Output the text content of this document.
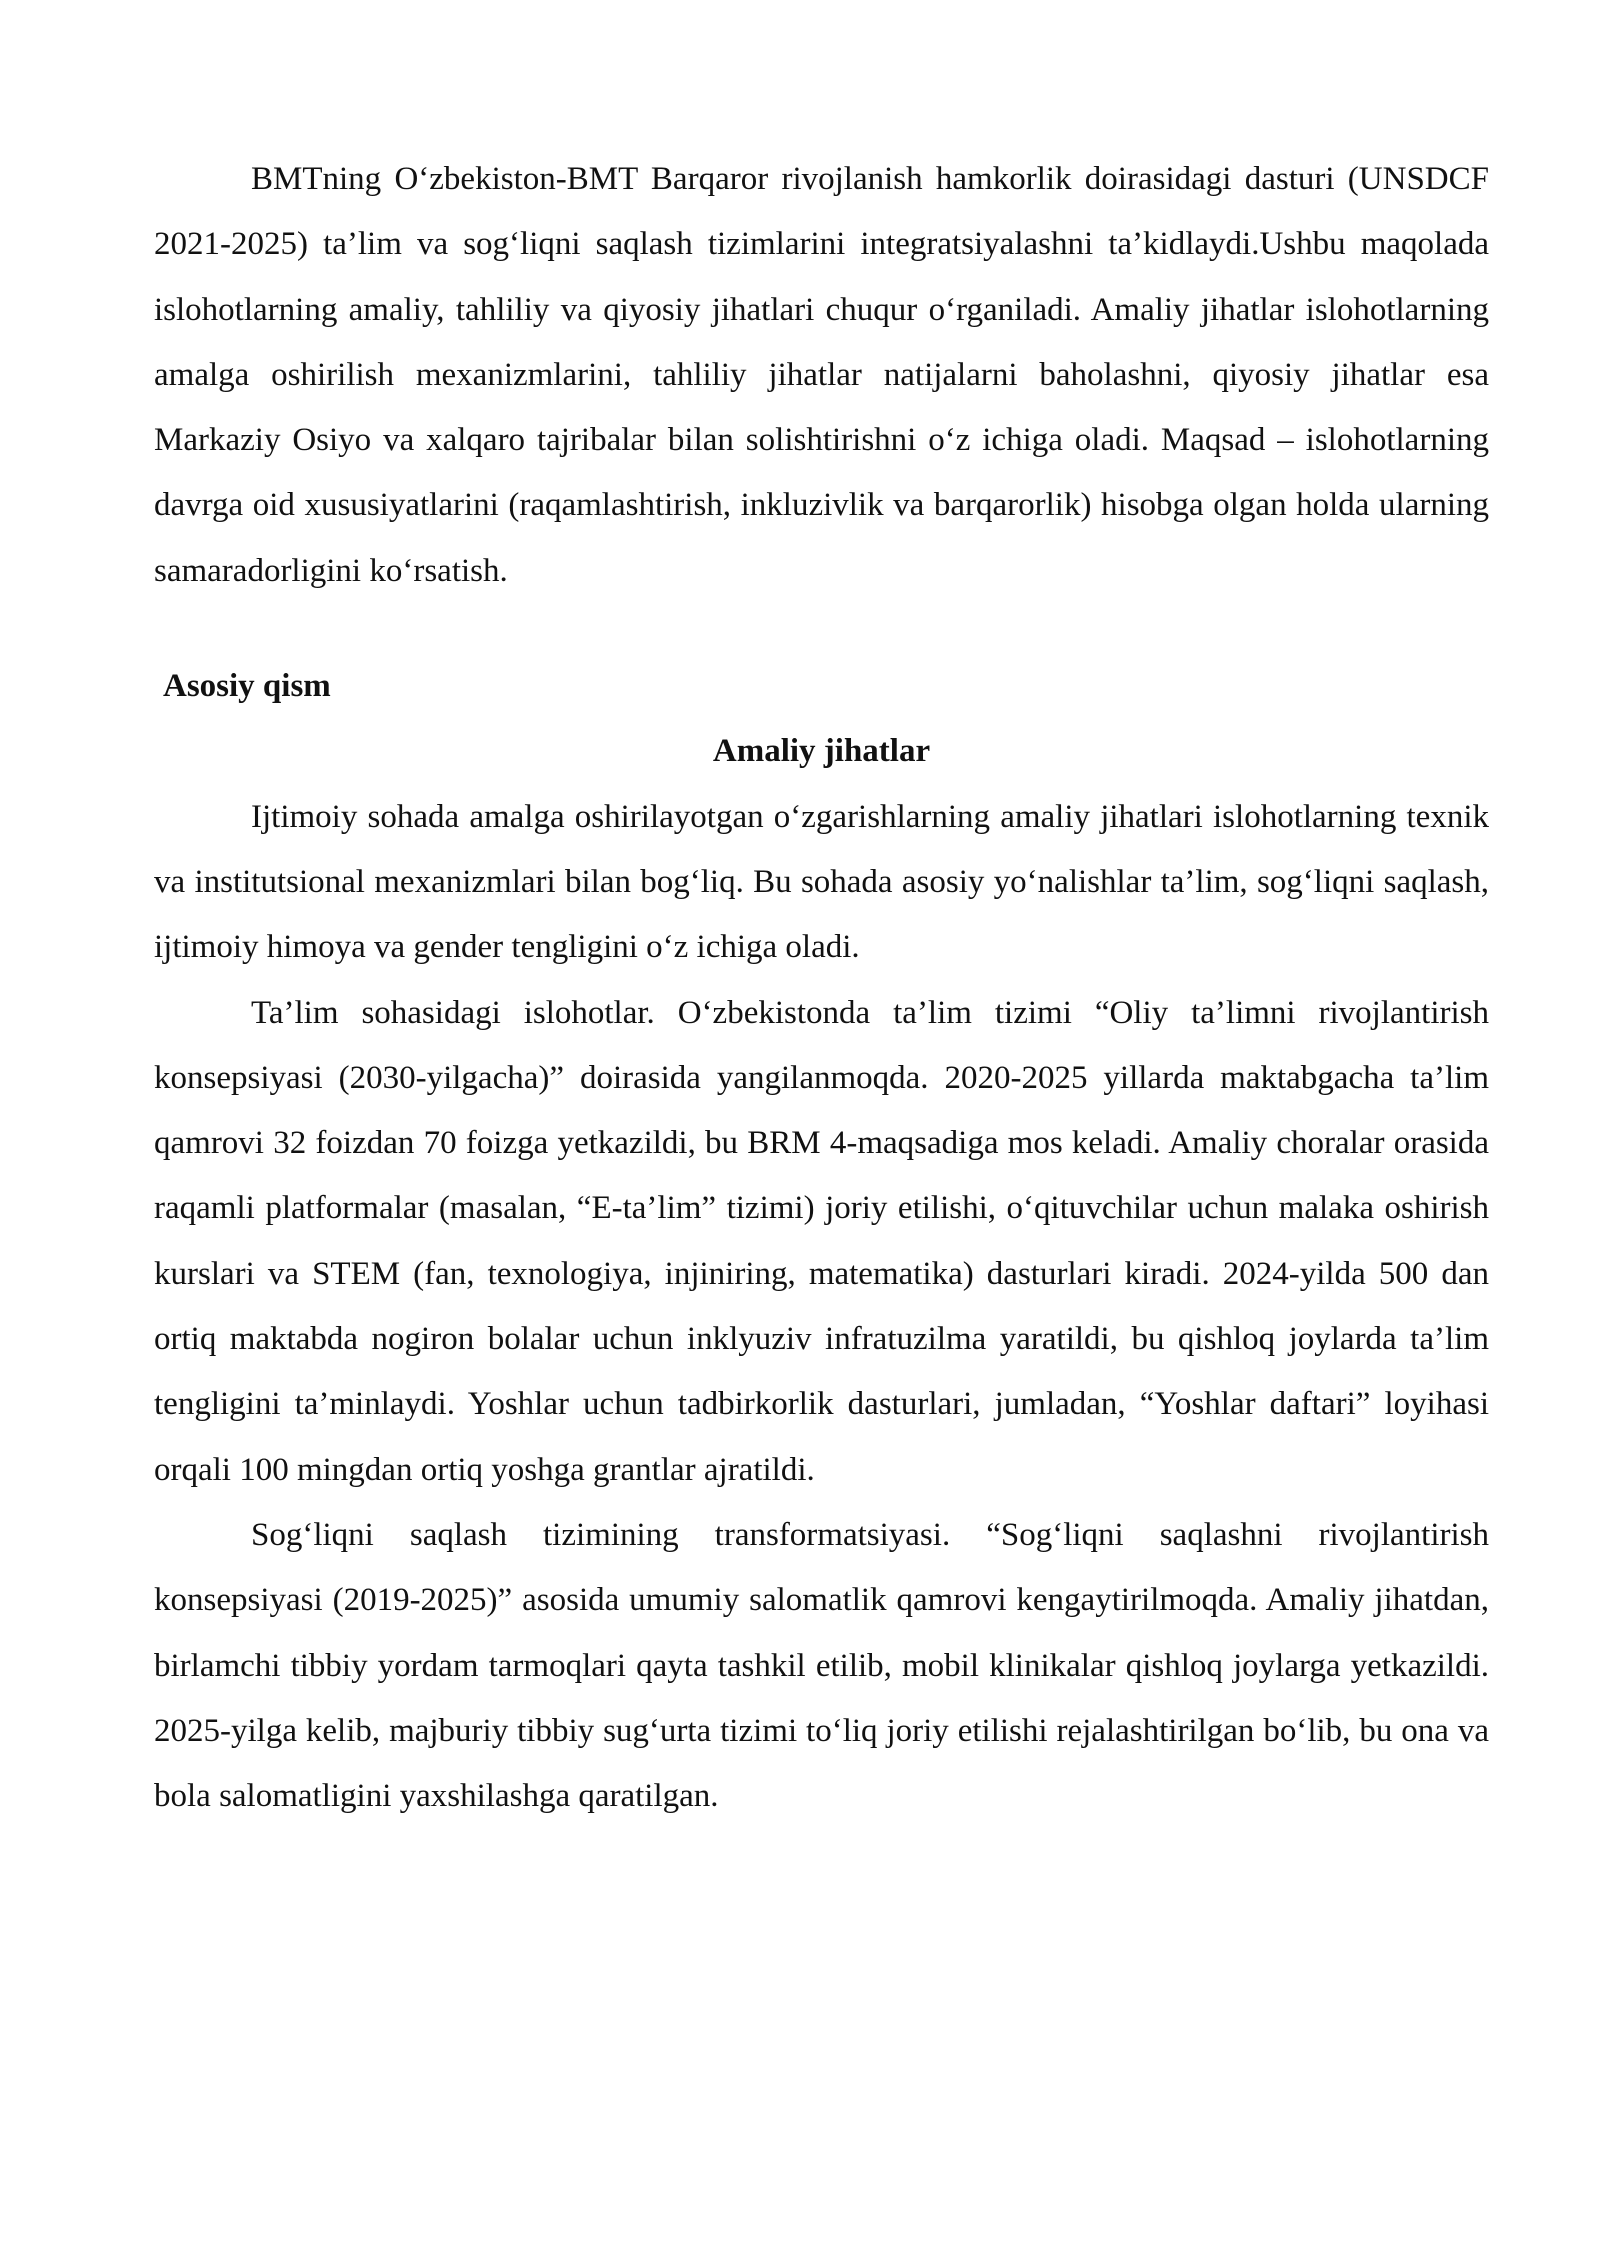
BMTning O‘zbekiston-BMT Barqaror rivojlanish hamkorlik doirasidagi dasturi (UNSDCF 2021-2025) ta’lim va sog‘liqni saqlash tizimlarini integratsiyalashni ta’kidlaydi.Ushbu maqolada islohotlarning amaliy, tahliliy va qiyosiy jihatlari chuqur o‘rganiladi. Amaliy jihatlar islohotlarning amalga oshirilish mexanizmlarini, tahliliy jihatlar natijalarni baholashni, qiyosiy jihatlar esa Markaziy Osiyo va xalqaro tajribalar bilan solishtirishni o‘z ichiga oladi. Maqsad – islohotlarning davrga oid xususiyatlarini (raqamlashtirish, inkluzivlik va barqarorlik) hisobga olgan holda ularning samaradorligini ko‘rsatish.

Asosiy qism

Amaliy jihatlar

Ijtimoiy sohada amalga oshirilayotgan o‘zgarishlarning amaliy jihatlari islohotlarning texnik va institutsional mexanizmlari bilan bog‘liq. Bu sohada asosiy yo‘nalishlar ta’lim, sog‘liqni saqlash, ijtimoiy himoya va gender tengligini o‘z ichiga oladi.

Ta’lim sohasidagi islohotlar. O‘zbekistonda ta’lim tizimi “Oliy ta’limni rivojlantirish konsepsiyasi (2030-yilgacha)” doirasida yangilanmoqda. 2020-2025 yillarda maktabgacha ta’lim qamrovi 32 foizdan 70 foizga yetkazildi, bu BRM 4-maqsadiga mos keladi. Amaliy choralar orasida raqamli platformalar (masalan, “E-ta’lim” tizimi) joriy etilishi, o‘qituvchilar uchun malaka oshirish kurslari va STEM (fan, texnologiya, injiniring, matematika) dasturlari kiradi. 2024-yilda 500 dan ortiq maktabda nogiron bolalar uchun inklyuziv infratuzilma yaratildi, bu qishloq joylarda ta’lim tengligini ta’minlaydi. Yoshlar uchun tadbirkorlik dasturlari, jumladan, “Yoshlar daftari” loyihasi orqali 100 mingdan ortiq yoshga grantlar ajratildi.

Sog‘liqni saqlash tizimining transformatsiyasi. “Sog‘liqni saqlashni rivojlantirish konsepsiyasi (2019-2025)” asosida umumiy salomatlik qamrovi kengaytirilmoqda. Amaliy jihatdan, birlamchi tibbiy yordam tarmoqlari qayta tashkil etilib, mobil klinikalar qishloq joylarga yetkazildi. 2025-yilga kelib, majburiy tibbiy sug‘urta tizimi to‘liq joriy etilishi rejalashtirilgan bo‘lib, bu ona va bola salomatligini yaxshilashga qaratilgan.
